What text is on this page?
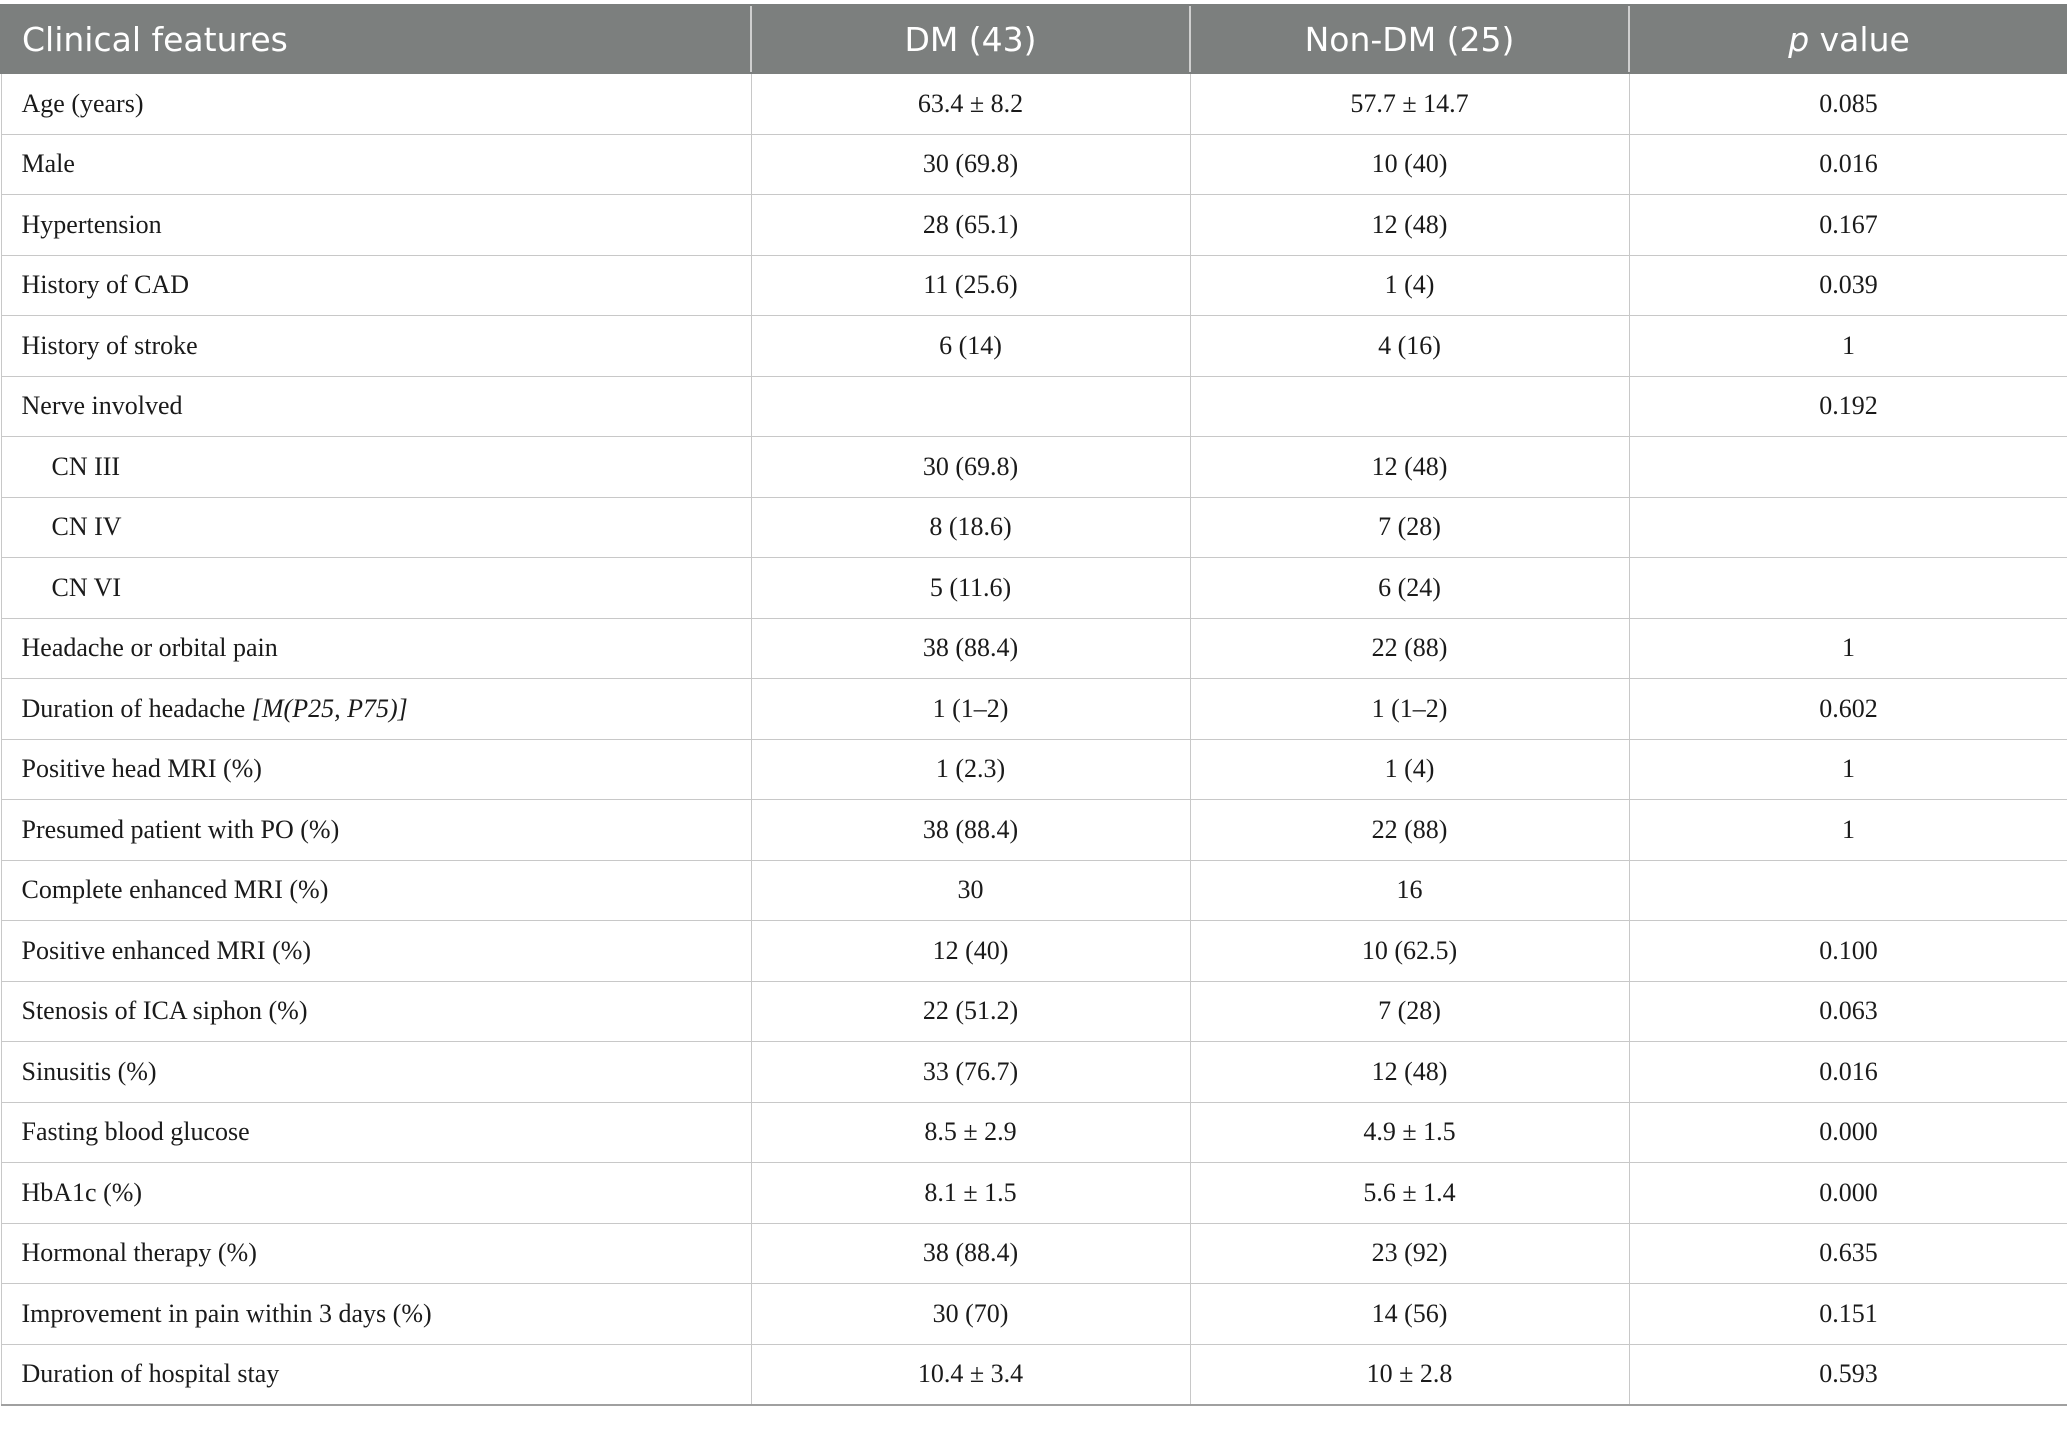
Clinical features	DM (43)	Non-DM (25)	p value
Age (years)	63.4 ± 8.2	57.7 ± 14.7	0.085
Male	30 (69.8)	10 (40)	0.016
Hypertension	28 (65.1)	12 (48)	0.167
History of CAD	11 (25.6)	1 (4)	0.039
History of stroke	6 (14)	4 (16)	1
Nerve involved			0.192
CN III	30 (69.8)	12 (48)	
CN IV	8 (18.6)	7 (28)	
CN VI	5 (11.6)	6 (24)	
Headache or orbital pain	38 (88.4)	22 (88)	1
Duration of headache [M(P25, P75)]	1 (1–2)	1 (1–2)	0.602
Positive head MRI (%)	1 (2.3)	1 (4)	1
Presumed patient with PO (%)	38 (88.4)	22 (88)	1
Complete enhanced MRI (%)	30	16	
Positive enhanced MRI (%)	12 (40)	10 (62.5)	0.100
Stenosis of ICA siphon (%)	22 (51.2)	7 (28)	0.063
Sinusitis (%)	33 (76.7)	12 (48)	0.016
Fasting blood glucose	8.5 ± 2.9	4.9 ± 1.5	0.000
HbA1c (%)	8.1 ± 1.5	5.6 ± 1.4	0.000
Hormonal therapy (%)	38 (88.4)	23 (92)	0.635
Improvement in pain within 3 days (%)	30 (70)	14 (56)	0.151
Duration of hospital stay	10.4 ± 3.4	10 ± 2.8	0.593
